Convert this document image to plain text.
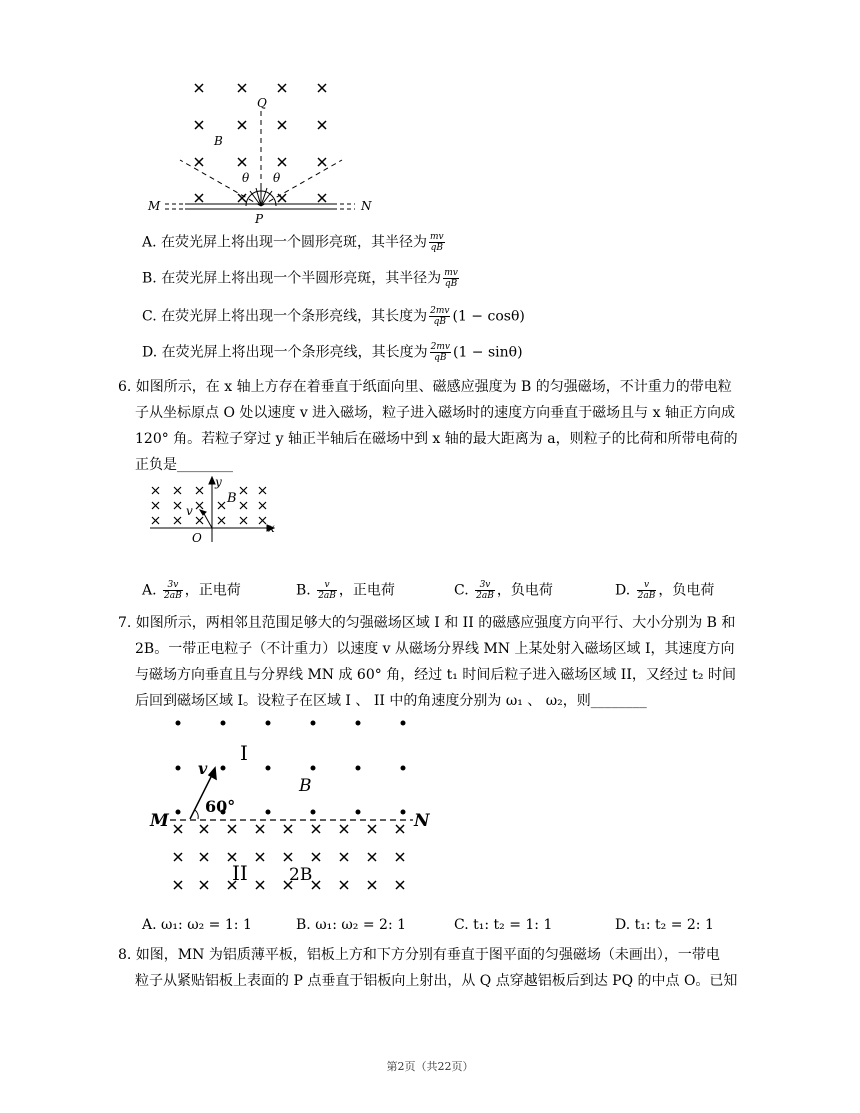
Q
B
θ θ
M	N
P
A. 在荧光屏上将出现一个圆形亮斑，其半径为 $\frac{mv}{qB}$
B. 在荧光屏上将出现一个半圆形亮斑，其半径为 $\frac{mv}{qB}$
C. 在荧光屏上将出现一个条形亮线，其长度为 $\frac{2mv}{qB} (1 - \cos\theta)$
D. 在荧光屏上将出现一个条形亮线，其长度为 $\frac{2mv}{qB} (1 - \sin\theta)$
6. 如图所示，在 x 轴上方存在着垂直于纸面向里、磁感应强度为 B 的匀强磁场，不计重力的带电粒
子从坐标原点 O 处以速度 v 进入磁场，粒子进入磁场时的速度方向垂直于磁场且与 x 轴正方向成
120° 角。若粒子穿过 y 轴正半轴后在磁场中到 x 轴的最大距离为 a，则粒子的比荷和所带电荷的
正负是________
y
B
v
x
O
A. $\frac{3v}{2aB}$ ，正电荷	B. $\frac{v}{2aB}$ ，正电荷	C. $\frac{3v}{2aB}$ ，负电荷	D. $\frac{v}{2aB}$ ，负电荷
7. 如图所示，两相邻且范围足够大的匀强磁场区域 I 和 II 的磁感应强度方向平行、大小分别为 B 和
2B。一带正电粒子（不计重力）以速度 v 从磁场分界线 MN 上某处射入磁场区域 I，其速度方向
与磁场方向垂直且与分界线 MN 成 60° 角，经过 t₁ 时间后粒子进入磁场区域 II，又经过 t₂ 时间
后回到磁场区域 I。设粒子在区域 I 、 II 中的角速度分别为 ω₁ 、 ω₂，则________
I
v
B
60°
M	N
II 2B
A. ω₁: ω₂ = 1: 1	B. ω₁: ω₂ = 2: 1	C. t₁: t₂ = 1: 1	D. t₁: t₂ = 2: 1
8. 如图，MN 为铝质薄平板，铝板上方和下方分别有垂直于图平面的匀强磁场（未画出），一带电
粒子从紧贴铝板上表面的 P 点垂直于铝板向上射出，从 Q 点穿越铝板后到达 PQ 的中点 O。已知
第2页（共22页）
